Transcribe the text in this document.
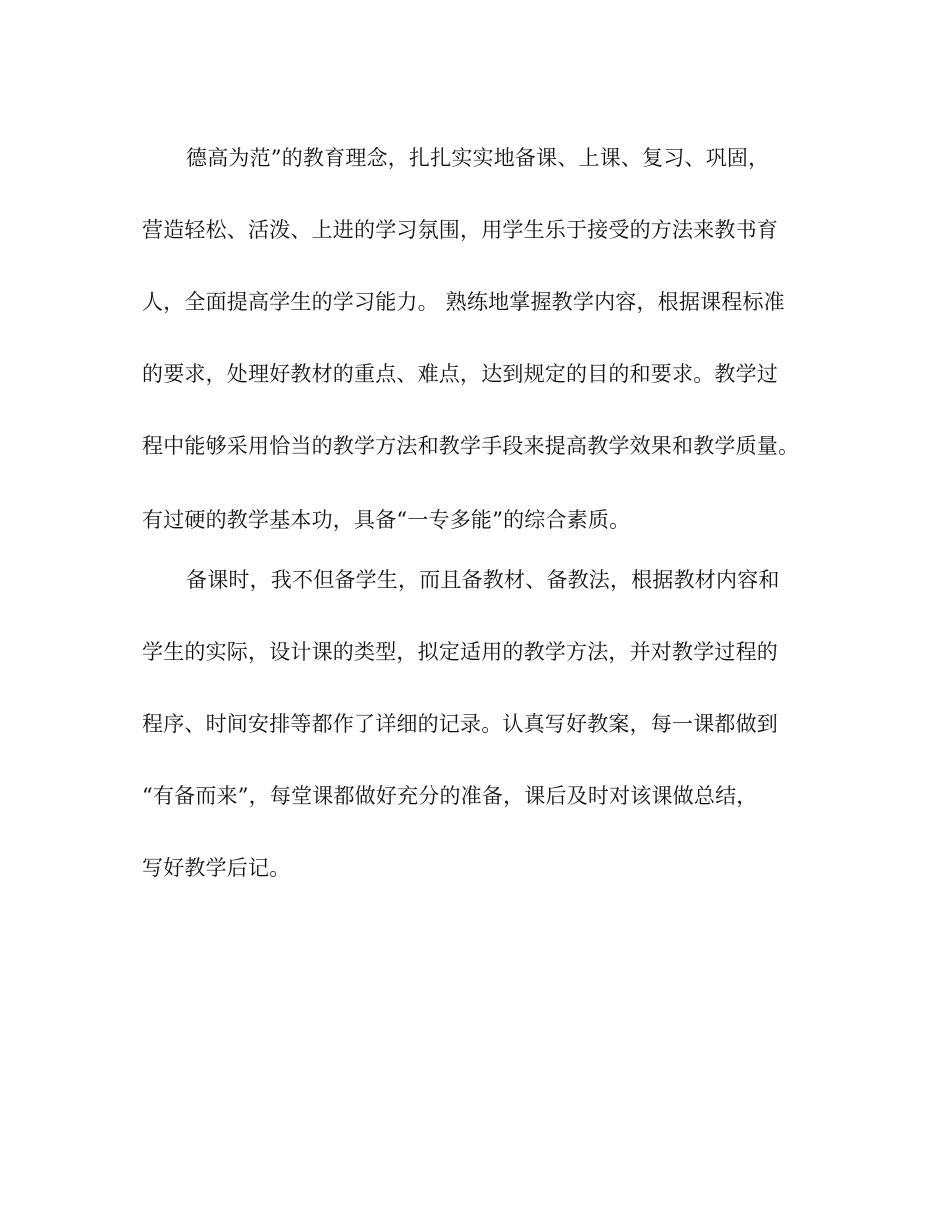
德高为范”的教育理念，扎扎实实地备课、上课、复习、巩固，
营造轻松、活泼、上进的学习氛围，用学生乐于接受的方法来教书育
人，全面提高学生的学习能力。 熟练地掌握教学内容，根据课程标准
的要求，处理好教材的重点、难点，达到规定的目的和要求。教学过
程中能够采用恰当的教学方法和教学手段来提高教学效果和教学质量。
有过硬的教学基本功，具备“一专多能”的综合素质。
备课时，我不但备学生，而且备教材、备教法，根据教材内容和
学生的实际，设计课的类型，拟定适用的教学方法，并对教学过程的
程序、时间安排等都作了详细的记录。认真写好教案，每一课都做到
“有备而来”，每堂课都做好充分的准备，课后及时对该课做总结，
写好教学后记。
